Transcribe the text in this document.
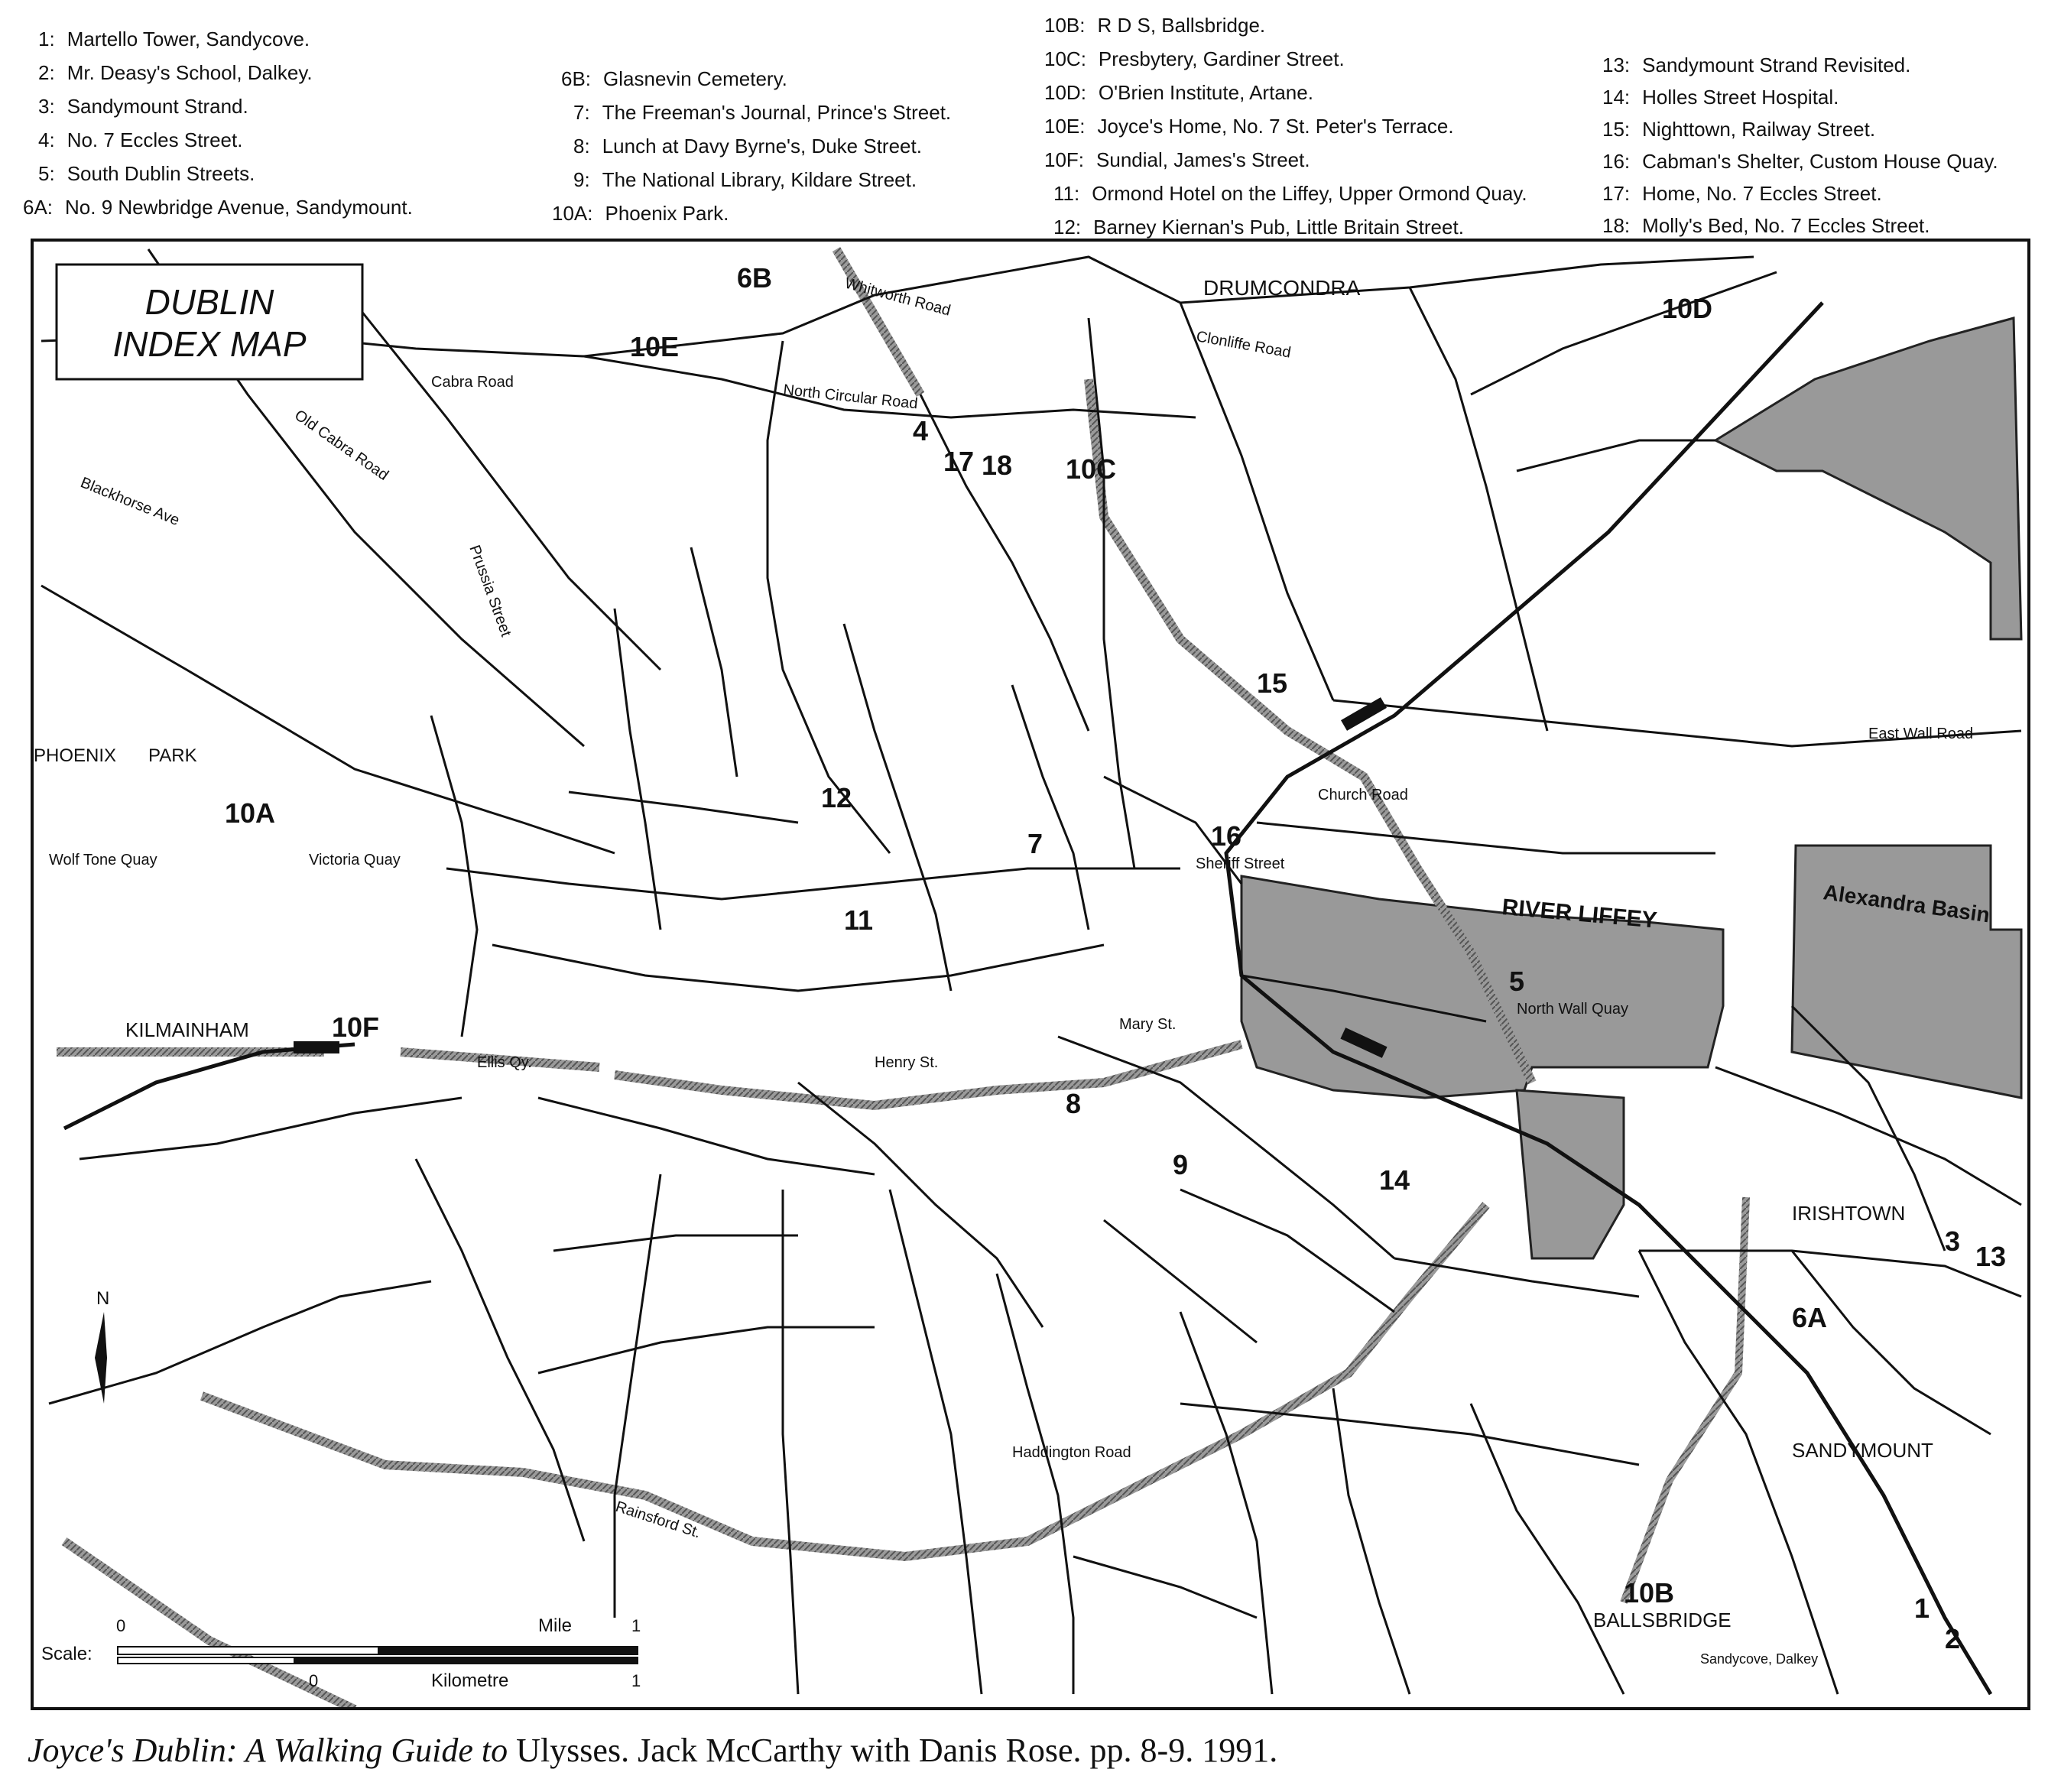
1: Martello Tower, Sandycove.
2: Mr. Deasy's School, Dalkey.
3: Sandymount Strand.
4: No. 7 Eccles Street.
5: South Dublin Streets.
6A: No. 9 Newbridge Avenue, Sandymount.
6B: Glasnevin Cemetery.
7: The Freeman's Journal, Prince's Street.
8: Lunch at Davy Byrne's, Duke Street.
9: The National Library, Kildare Street.
10A: Phoenix Park.
10B: R D S, Ballsbridge.
10C: Presbytery, Gardiner Street.
10D: O'Brien Institute, Artane.
10E: Joyce's Home, No. 7 St. Peter's Terrace.
10F: Sundial, James's Street.
11: Ormond Hotel on the Liffey, Upper Ormond Quay.
12: Barney Kiernan's Pub, Little Britain Street.
13: Sandymount Strand Revisited.
14: Holles Street Hospital.
15: Nighttown, Railway Street.
16: Cabman's Shelter, Custom House Quay.
17: Home, No. 7 Eccles Street.
18: Molly's Bed, No. 7 Eccles Street.
DUBLIN
INDEX MAP
DRUMCONDRA
PHOENIX PARK
KILMAINHAM
IRISHTOWN
SANDYMOUNT
BALLSBRIDGE
RIVER LIFFEY	Alexandra Basin
Whitworth Road
Clonliffe Road
North Circular Road
Cabra Road
Old Cabra Road
Blackhorse Ave
Prussia Street
Church Road
East Wall Road
Sheriff Street
North Wall Quay
Mary St.
Henry St.
Ellis Qy.
Wolf Tone Quay	Victoria Quay
Rainsford St.
Haddington Road
6B
10E
4
17 18 10C
10D
15
16
12
7
11
10A
10F
5
8
9	14
3 13
6A
10B	1
2
N
Scale:
0	Mile	1
0	Kilometre	1
Sandycove, Dalkey
Joyce's Dublin: A Walking Guide to Ulysses. Jack McCarthy with Danis Rose. pp. 8-9. 1991.
